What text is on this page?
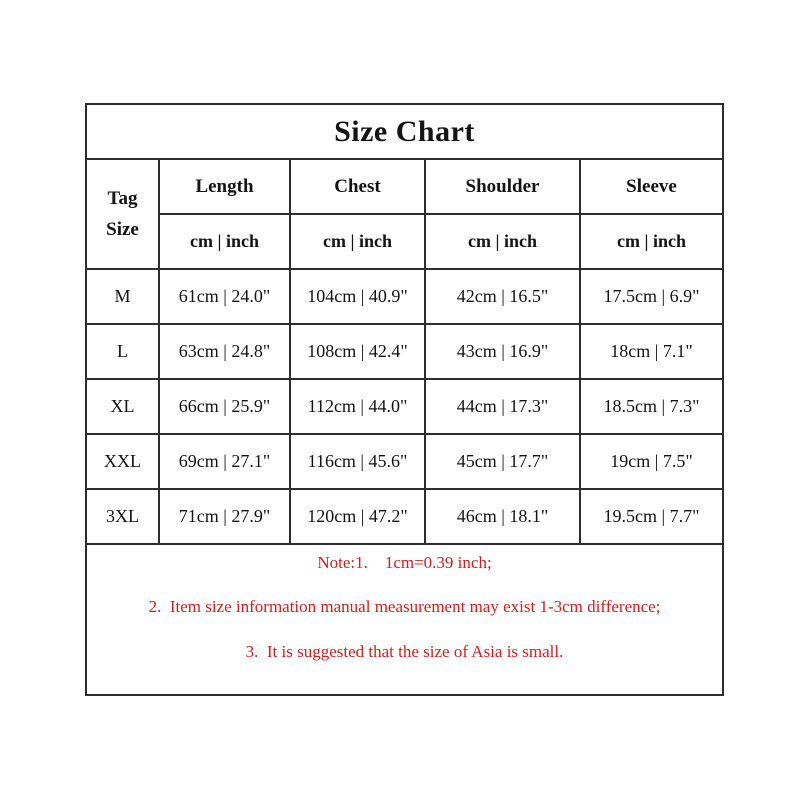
Size Chart				

Tag
Size	Length	Chest	Shoulder	Sleeve
	cm | inch	cm | inch	cm | inch	cm | inch
M	61cm | 24.0"	104cm | 40.9"	42cm | 16.5"	17.5cm | 6.9"
L	63cm | 24.8"	108cm | 42.4"	43cm | 16.9"	18cm | 7.1"
XL	66cm | 25.9"	112cm | 44.0"	44cm | 17.3"	18.5cm | 7.3"
XXL	69cm | 27.1"	116cm | 45.6"	45cm | 17.7"	19cm | 7.5"
3XL	71cm | 27.9"	120cm | 47.2"	46cm | 18.1"	19.5cm | 7.7"

Note:1.    1cm=0.39 inch;

2.  Item size information manual measurement may exist 1-3cm difference;

3.  It is suggested that the size of Asia is small.				
